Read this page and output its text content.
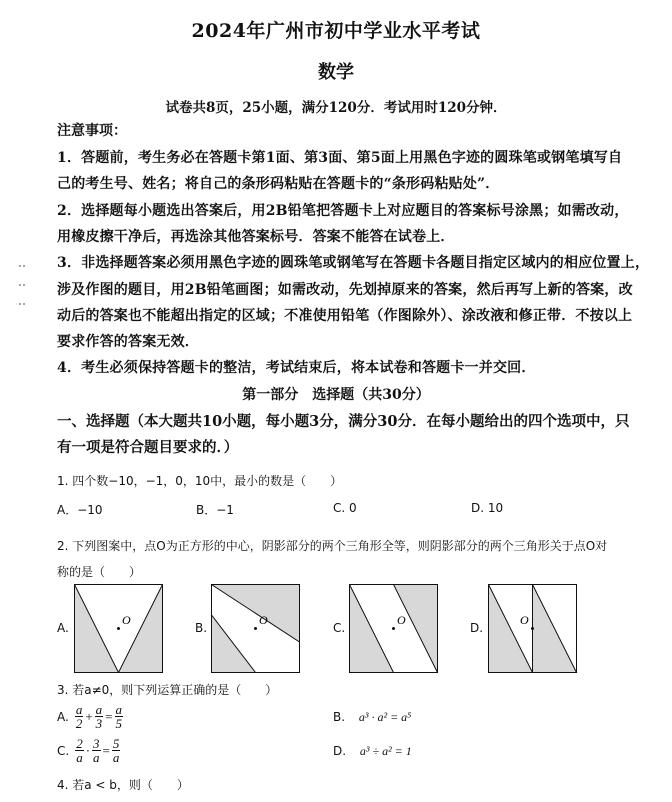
2024年广州市初中学业水平考试
数学
试卷共8页，25小题，满分120分．考试用时120分钟．
注意事项：
1．答题前，考生务必在答题卡第1面、第3面、第5面上用黑色字迹的圆珠笔或钢笔填写自
己的考生号、姓名；将自己的条形码粘贴在答题卡的“条形码粘贴处”．
2．选择题每小题选出答案后，用2B铅笔把答题卡上对应题目的答案标号涂黑；如需改动，
用橡皮擦干净后，再选涂其他答案标号．答案不能答在试卷上．
3．非选择题答案必须用黑色字迹的圆珠笔或钢笔写在答题卡各题目指定区域内的相应位置上，
涉及作图的题目，用2B铅笔画图；如需改动，先划掉原来的答案，然后再写上新的答案，改
动后的答案也不能超出指定的区域；不准使用铅笔（作图除外）、涂改液和修正带．不按以上
要求作答的答案无效．
4．考生必须保持答题卡的整洁，考试结束后，将本试卷和答题卡一并交回．
第一部分　选择题（共30分）
一、选择题（本大题共10小题，每小题3分，满分30分．在每小题给出的四个选项中，只
有一项是符合题目要求的．）
1. 四个数−10，−1，0，10中，最小的数是（　　）
A．−10	B．−1	C. 0	D. 10
2. 下列图案中，点O为正方形的中心，阴影部分的两个三角形全等，则阴影部分的两个三角形关于点O对
称的是（　　）
A.
O
B.
O
C.
O
D.
O
3. 若a≠0，则下列运算正确的是（　　）
A. $\frac{a}{2} + \frac{a}{3} = \frac{a}{5}$	B. a³ · a² = a⁵
C. $\frac{2}{a} \cdot \frac{3}{a} = \frac{5}{a}$	D. a³ ÷ a² = 1
4. 若a < b，则（　　）
